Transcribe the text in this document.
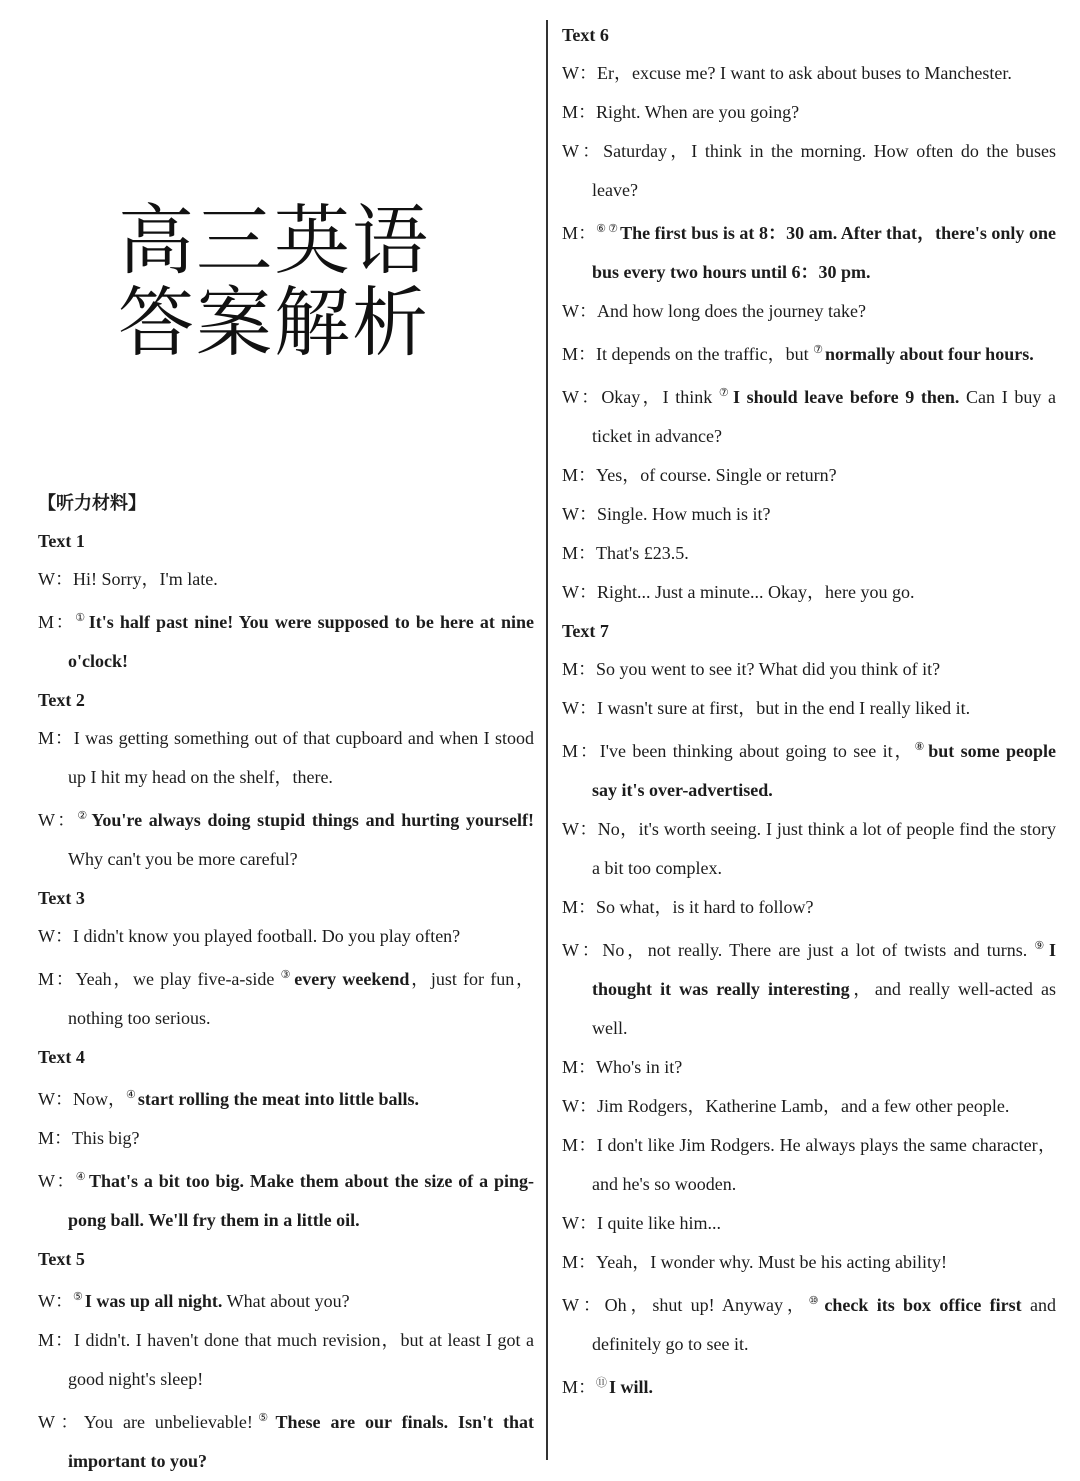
高三英语
答案解析
【听力材料】
Text 1
W：Hi! Sorry，I'm late.
M：① It's half past nine! You were supposed to be here at nine o'clock!
Text 2
M：I was getting something out of that cupboard and when I stood up I hit my head on the shelf，there.
W：② You're always doing stupid things and hurting yourself! Why can't you be more careful?
Text 3
W：I didn't know you played football. Do you play often?
M：Yeah，we play five-a-side ③ every weekend，just for fun，nothing too serious.
Text 4
W：Now，④ start rolling the meat into little balls.
M：This big?
W：④ That's a bit too big. Make them about the size of a ping-pong ball. We'll fry them in a little oil.
Text 5
W：⑤ I was up all night. What about you?
M：I didn't. I haven't done that much revision，but at least I got a good night's sleep!
W：You are unbelievable!⑤ These are our finals. Isn't that important to you?
Text 6
W：Er，excuse me? I want to ask about buses to Manchester.
M：Right. When are you going?
W：Saturday，I think in the morning. How often do the buses leave?
M：⑥ ⑦ The first bus is at 8：30 am. After that，there's only one bus every two hours until 6：30 pm.
W：And how long does the journey take?
M：It depends on the traffic，but ⑦ normally about four hours.
W：Okay，I think ⑦ I should leave before 9 then. Can I buy a ticket in advance?
M：Yes，of course. Single or return?
W：Single. How much is it?
M：That's £23.5.
W：Right... Just a minute... Okay，here you go.
Text 7
M：So you went to see it? What did you think of it?
W：I wasn't sure at first，but in the end I really liked it.
M：I've been thinking about going to see it，⑧ but some people say it's over-advertised.
W：No，it's worth seeing. I just think a lot of people find the story a bit too complex.
M：So what，is it hard to follow?
W：No，not really. There are just a lot of twists and turns. ⑨ I thought it was really interesting，and really well-acted as well.
M：Who's in it?
W：Jim Rodgers，Katherine Lamb，and a few other people.
M：I don't like Jim Rodgers. He always plays the same character，and he's so wooden.
W：I quite like him...
M：Yeah，I wonder why. Must be his acting ability!
W：Oh，shut up! Anyway，⑩ check its box office first and definitely go to see it.
M：⑪ I will.
